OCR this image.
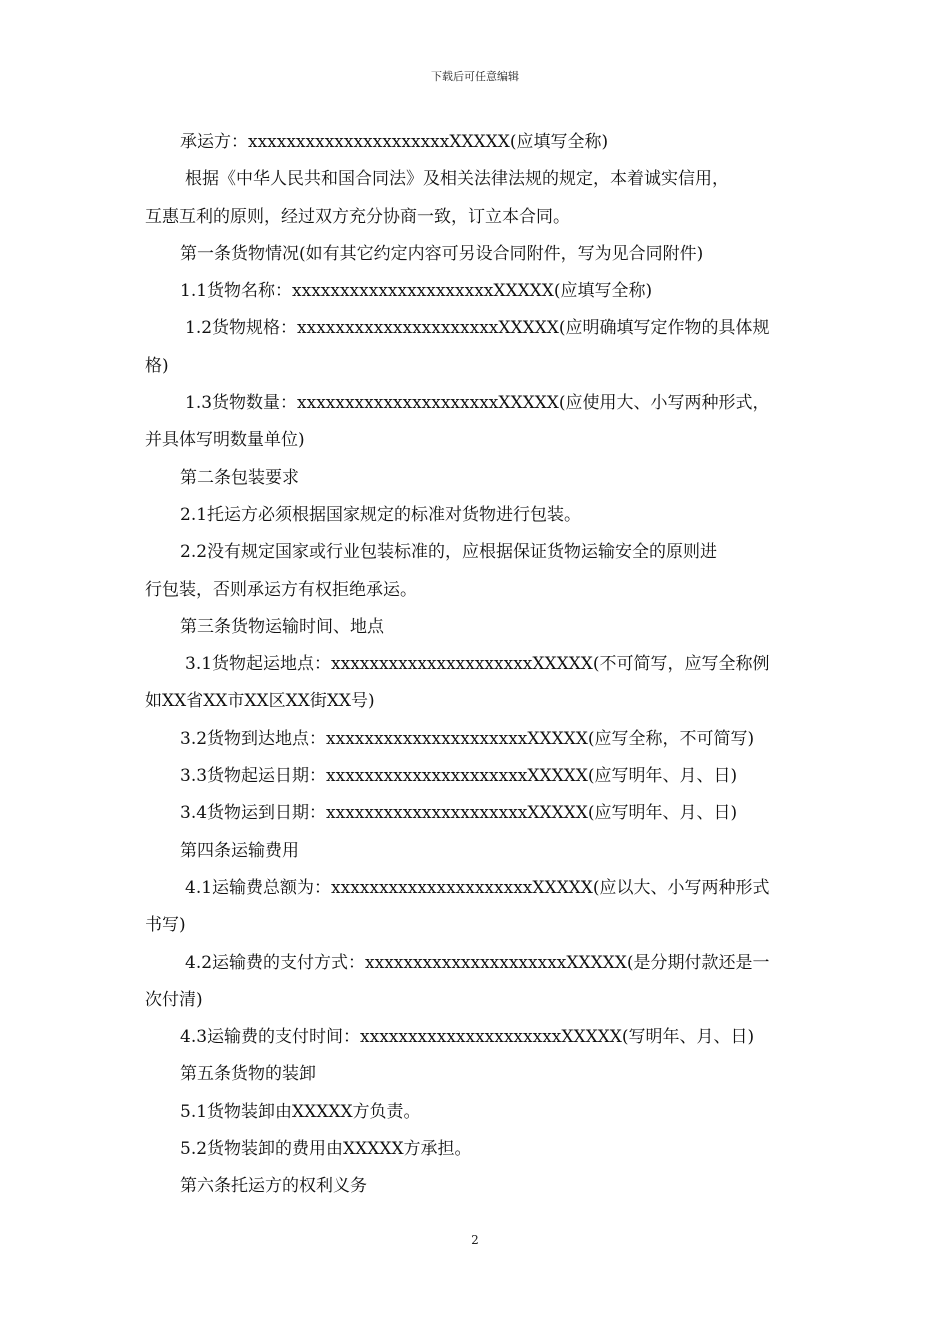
下载后可任意编辑

承运方：xxxxxxxxxxxxxxxxxxxxxXXXXX(应填写全称)

根据《中华人民共和国合同法》及相关法律法规的规定，本着诚实信用，

互惠互利的原则，经过双方充分协商一致，订立本合同。

第一条货物情况(如有其它约定内容可另设合同附件，写为见合同附件)

1.1货物名称：xxxxxxxxxxxxxxxxxxxxxXXXXX(应填写全称)

1.2货物规格：xxxxxxxxxxxxxxxxxxxxxXXXXX(应明确填写定作物的具体规

格)

1.3货物数量：xxxxxxxxxxxxxxxxxxxxxXXXXX(应使用大、小写两种形式，

并具体写明数量单位)

第二条包装要求

2.1托运方必须根据国家规定的标准对货物进行包装。

2.2没有规定国家或行业包装标准的，应根据保证货物运输安全的原则进

行包装，否则承运方有权拒绝承运。

第三条货物运输时间、地点

3.1货物起运地点：xxxxxxxxxxxxxxxxxxxxxXXXXX(不可简写，应写全称例

如XX省XX市XX区XX街XX号)

3.2货物到达地点：xxxxxxxxxxxxxxxxxxxxxXXXXX(应写全称，不可简写)

3.3货物起运日期：xxxxxxxxxxxxxxxxxxxxxXXXXX(应写明年、月、日)

3.4货物运到日期：xxxxxxxxxxxxxxxxxxxxxXXXXX(应写明年、月、日)

第四条运输费用

4.1运输费总额为：xxxxxxxxxxxxxxxxxxxxxXXXXX(应以大、小写两种形式

书写)

4.2运输费的支付方式：xxxxxxxxxxxxxxxxxxxxxXXXXX(是分期付款还是一

次付清)

4.3运输费的支付时间：xxxxxxxxxxxxxxxxxxxxxXXXXX(写明年、月、日)

第五条货物的装卸

5.1货物装卸由XXXXX方负责。

5.2货物装卸的费用由XXXXX方承担。

第六条托运方的权利义务

2
